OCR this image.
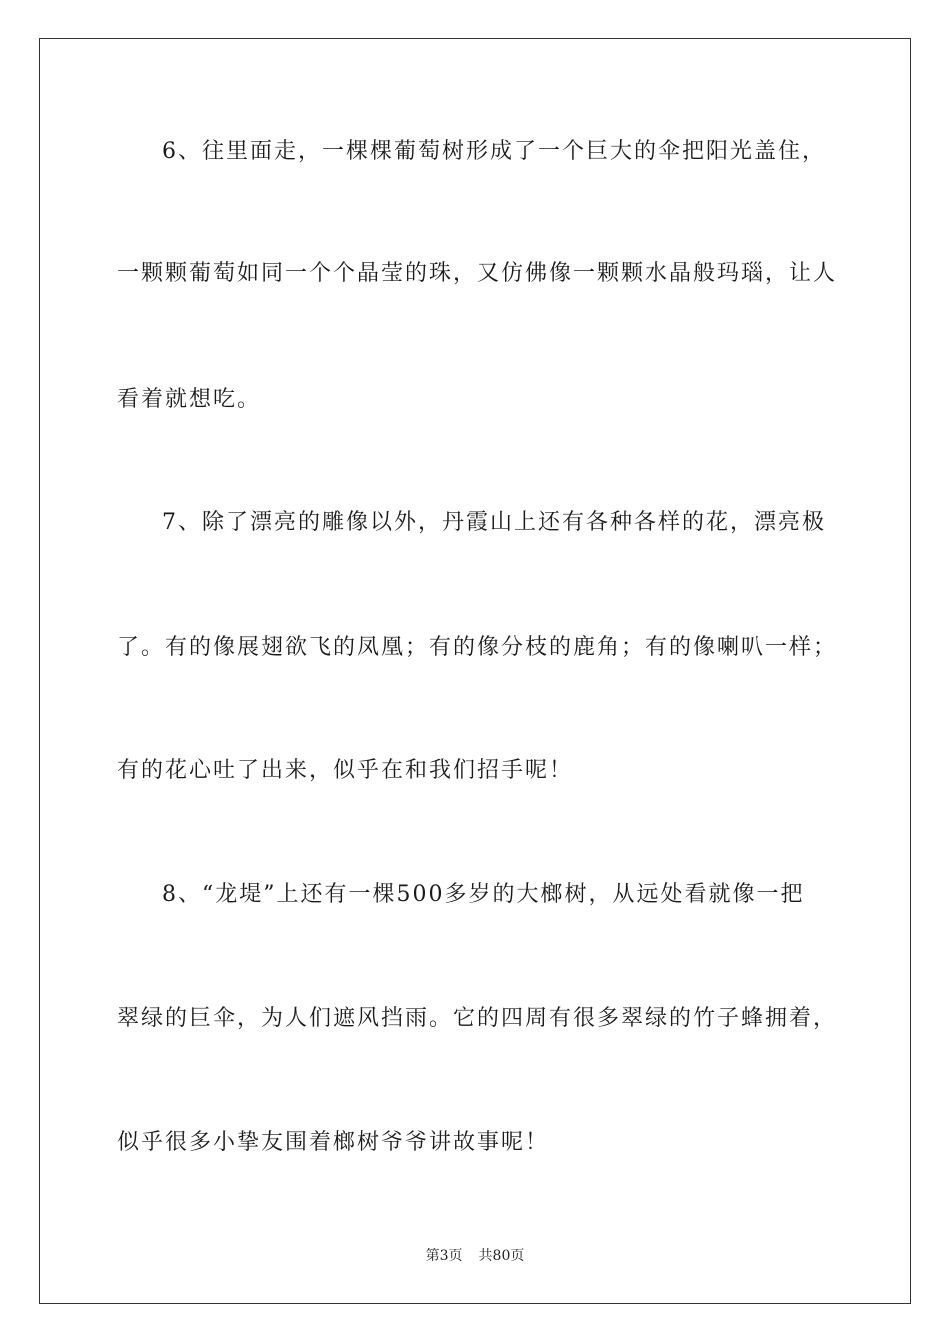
6、往里面走，一棵棵葡萄树形成了一个巨大的伞把阳光盖住，
一颗颗葡萄如同一个个晶莹的珠，又仿佛像一颗颗水晶般玛瑙，让人
看着就想吃。
7、除了漂亮的雕像以外，丹霞山上还有各种各样的花，漂亮极
了。有的像展翅欲飞的凤凰；有的像分枝的鹿角；有的像喇叭一样；
有的花心吐了出来，似乎在和我们招手呢！
8、“龙堤”上还有一棵500多岁的大榔树，从远处看就像一把
翠绿的巨伞，为人们遮风挡雨。它的四周有很多翠绿的竹子蜂拥着，
似乎很多小挚友围着榔树爷爷讲故事呢！
第3页 共80页
